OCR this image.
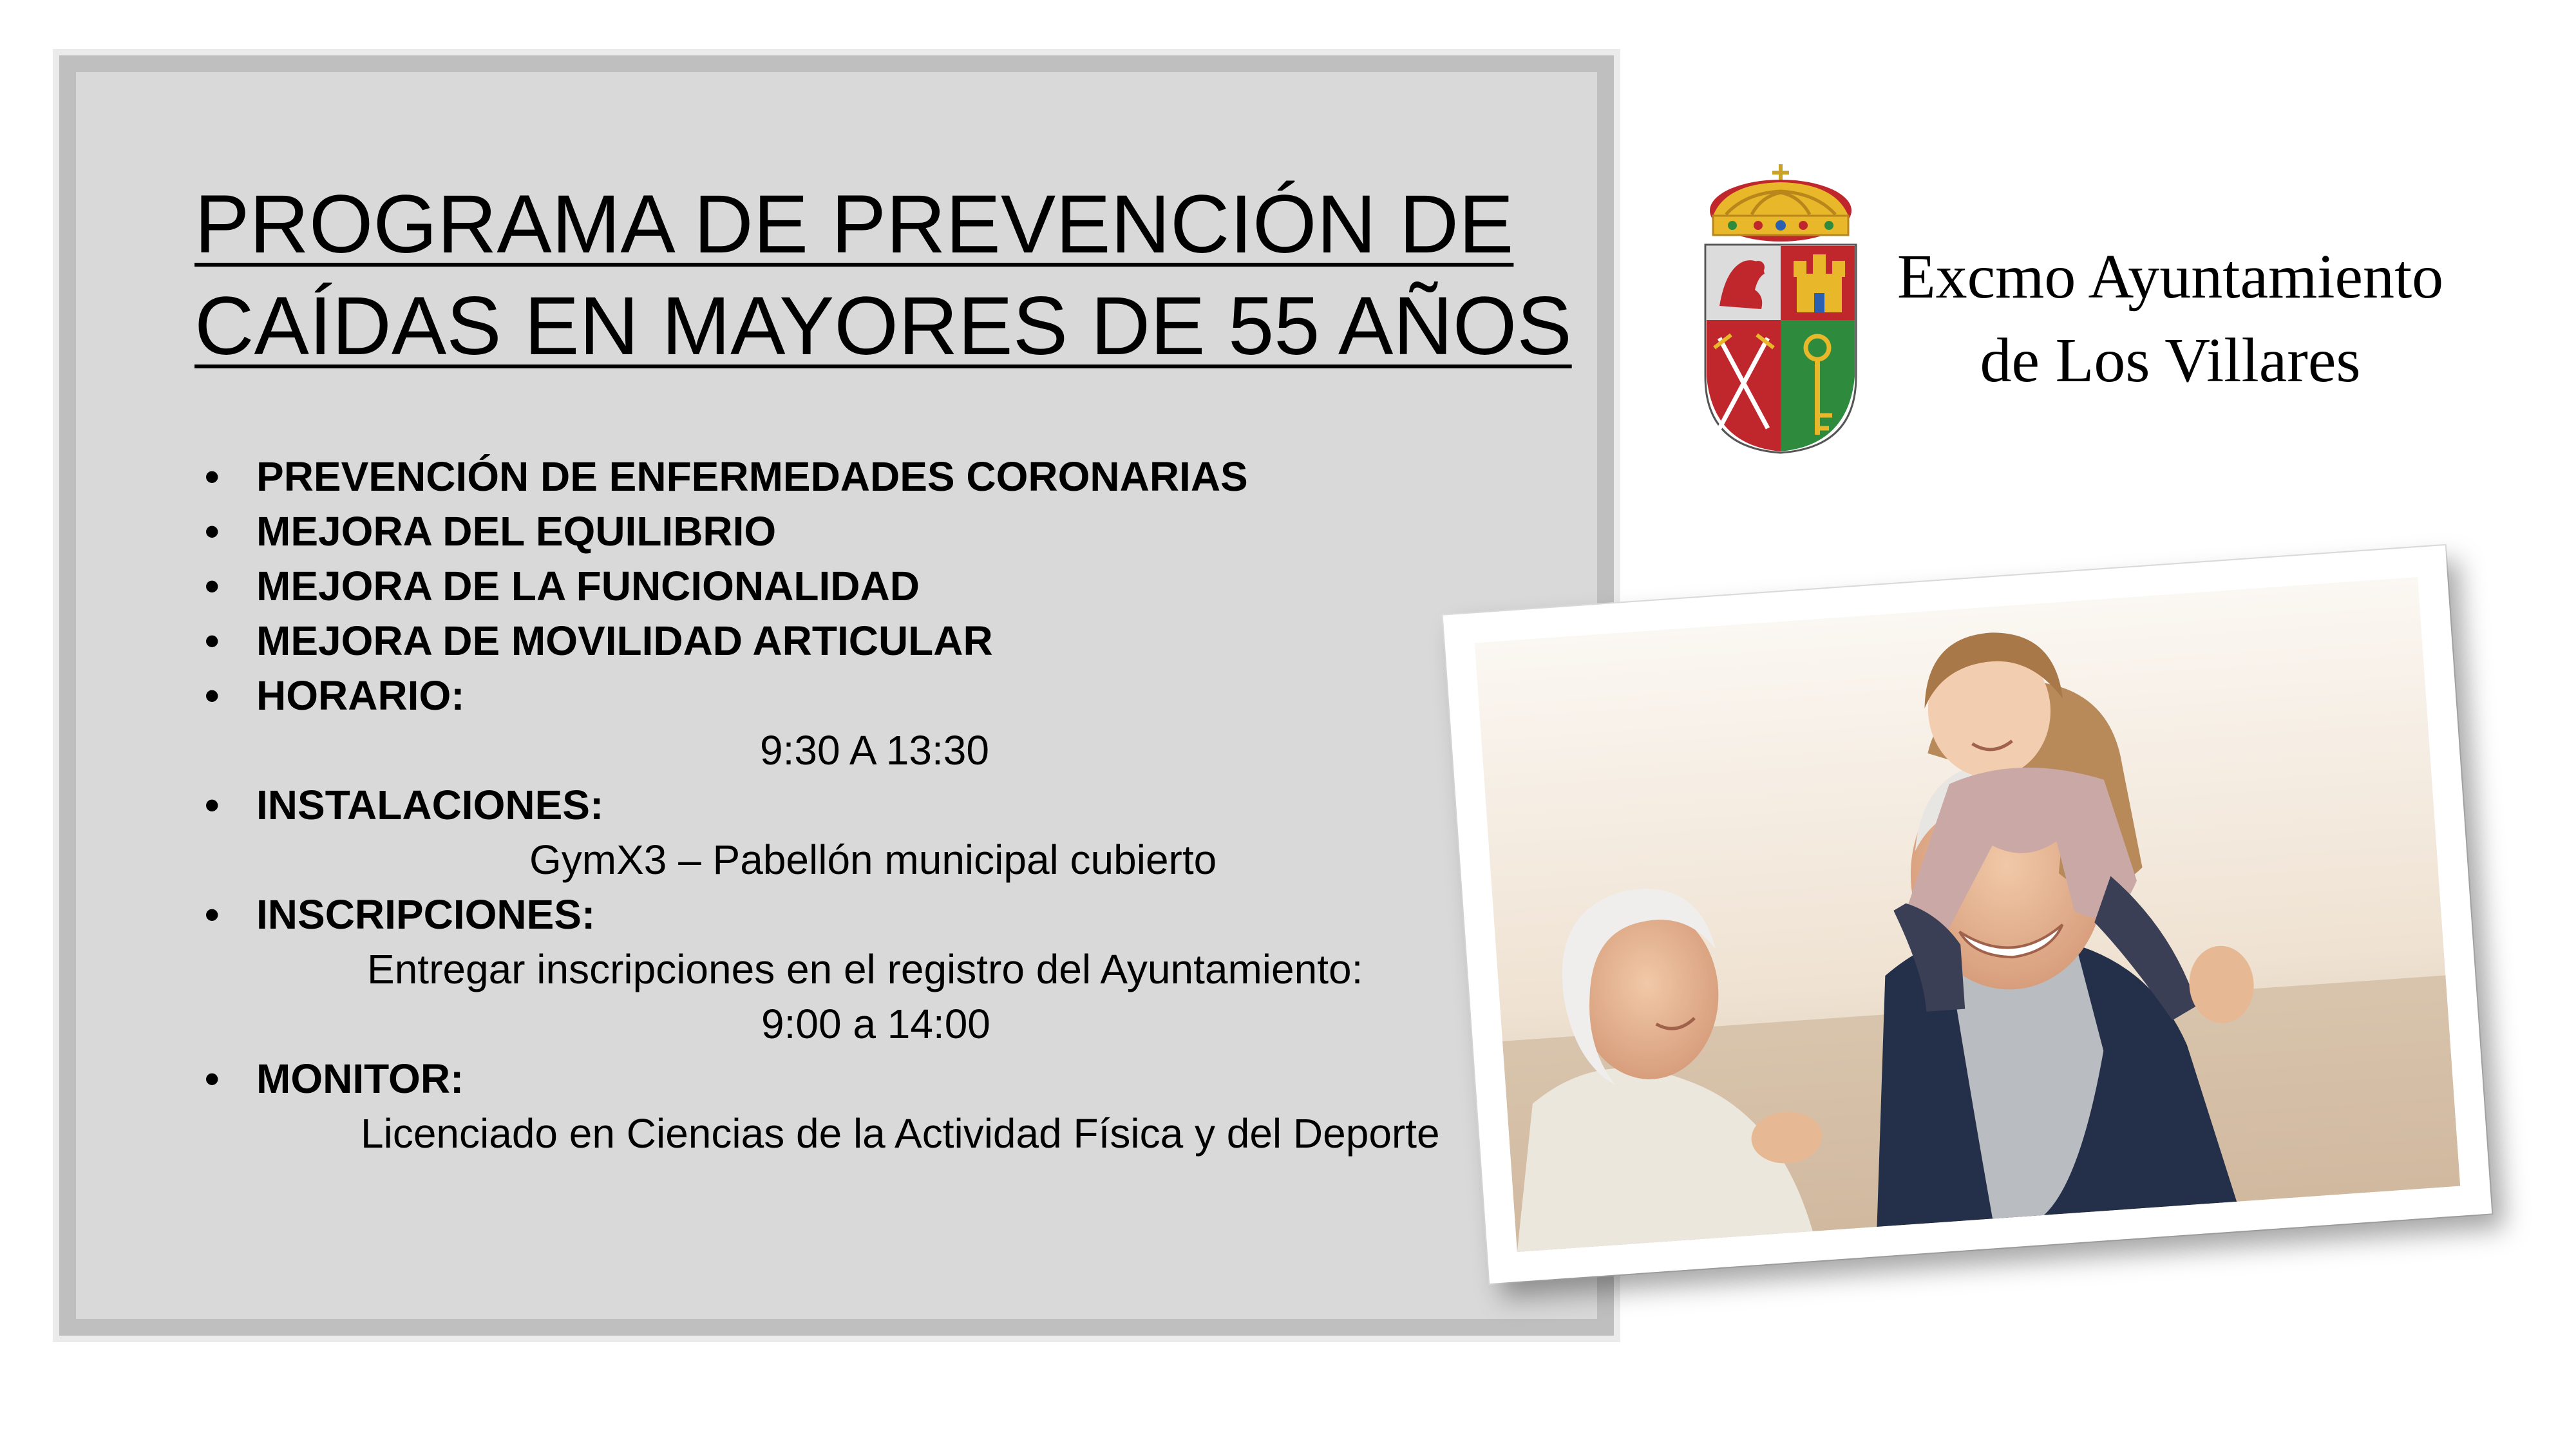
PROGRAMA DE PREVENCIÓN DE
CAÍDAS EN MAYORES DE 55 AÑOS
• PREVENCIÓN DE ENFERMEDADES CORONARIAS
• MEJORA DEL EQUILIBRIO
• MEJORA DE LA FUNCIONALIDAD
• MEJORA DE MOVILIDAD ARTICULAR
• HORARIO:
9:30 A 13:30
• INSTALACIONES:
GymX3 – Pabellón municipal cubierto
• INSCRIPCIONES:
Entregar inscripciones en el registro del Ayuntamiento:
9:00 a 14:00
• MONITOR:
Licenciado en Ciencias de la Actividad Física y del Deporte
Excmo Ayuntamiento
de Los Villares
